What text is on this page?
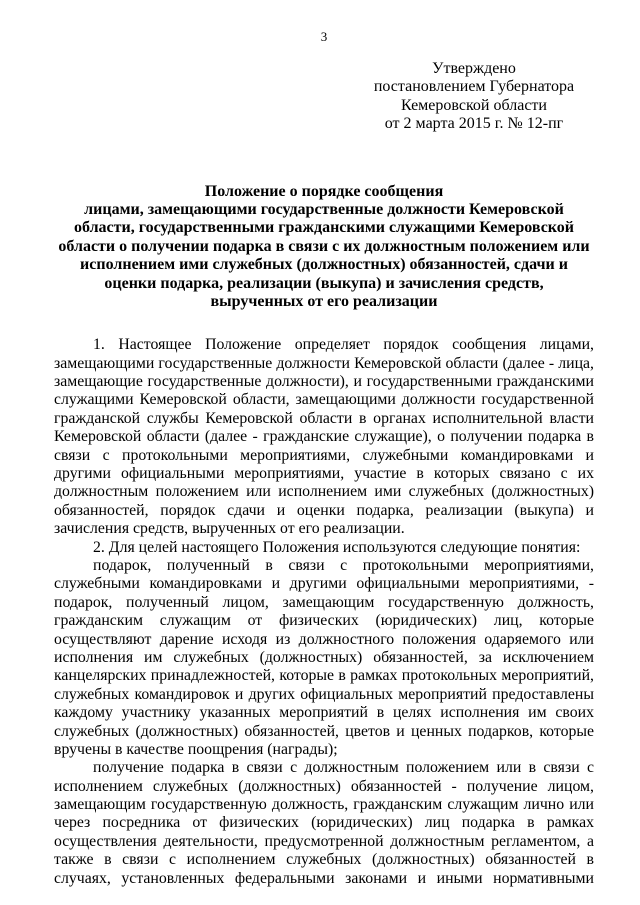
3
Утверждено
постановлением Губернатора
Кемеровской области
от 2 марта 2015 г. № 12-пг
Положение о порядке сообщения
лицами, замещающими государственные должности Кемеровской
области, государственными гражданскими служащими Кемеровской
области о получении подарка в связи с их должностным положением или
исполнением ими служебных (должностных) обязанностей, сдачи и
оценки подарка, реализации (выкупа) и зачисления средств,
вырученных от его реализации
1. Настоящее Положение определяет порядок сообщения лицами,
замещающими государственные должности Кемеровской области (далее - лица,
замещающие государственные должности), и государственными гражданскими
служащими Кемеровской области, замещающими должности государственной
гражданской службы Кемеровской области в органах исполнительной власти
Кемеровской области (далее - гражданские служащие), о получении подарка в
связи с протокольными мероприятиями, служебными командировками и
другими официальными мероприятиями, участие в которых связано с их
должностным положением или исполнением ими служебных (должностных)
обязанностей, порядок сдачи и оценки подарка, реализации (выкупа) и
зачисления средств, вырученных от его реализации.
2. Для целей настоящего Положения используются следующие понятия:
подарок, полученный в связи с протокольными мероприятиями,
служебными командировками и другими официальными мероприятиями, -
подарок, полученный лицом, замещающим государственную должность,
гражданским служащим от физических (юридических) лиц, которые
осуществляют дарение исходя из должностного положения одаряемого или
исполнения им служебных (должностных) обязанностей, за исключением
канцелярских принадлежностей, которые в рамках протокольных мероприятий,
служебных командировок и других официальных мероприятий предоставлены
каждому участнику указанных мероприятий в целях исполнения им своих
служебных (должностных) обязанностей, цветов и ценных подарков, которые
вручены в качестве поощрения (награды);
получение подарка в связи с должностным положением или в связи с
исполнением служебных (должностных) обязанностей - получение лицом,
замещающим государственную должность, гражданским служащим лично или
через посредника от физических (юридических) лиц подарка в рамках
осуществления деятельности, предусмотренной должностным регламентом, а
также в связи с исполнением служебных (должностных) обязанностей в
случаях, установленных федеральными законами и иными нормативными
